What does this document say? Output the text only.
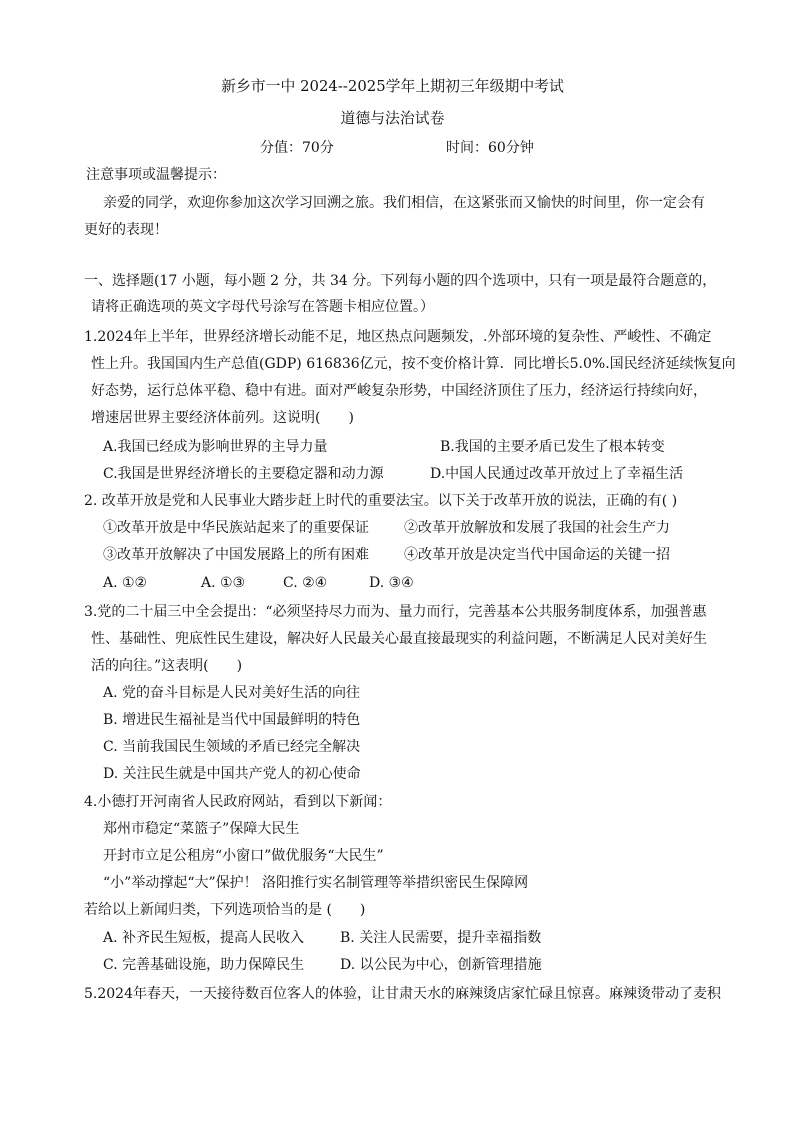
新乡市一中 2024--2025学年上期初三年级期中考试
道德与法治试卷
分值：70分	时间：60分钟
注意事项或温馨提示：
亲爱的同学，欢迎你参加这次学习回溯之旅。我们相信，在这紧张而又愉快的时间里，你一定会有
更好的表现！
一、选择题(17 小题，每小题 2 分，共 34 分。下列每小题的四个选项中，只有一项是最符合题意的，
请将正确选项的英文字母代号涂写在答题卡相应位置。）
1.2024年上半年，世界经济增长动能不足，地区热点问题频发，.外部环境的复杂性、严峻性、不确定
性上升。我国国内生产总值(GDP) 616836亿元，按不变价格计算．同比增长5.0%.国民经济延续恢复向
好态势，运行总体平稳、稳中有进。面对严峻复杂形势，中国经济顶住了压力，经济运行持续向好，
增速居世界主要经济体前列。这说明(　　)
A.我国已经成为影响世界的主导力量	B.我国的主要矛盾已发生了根本转变
C.我国是世界经济增长的主要稳定器和动力源	D.中国人民通过改革开放过上了幸福生活
2. 改革开放是党和人民事业大踏步赶上时代的重要法宝。以下关于改革开放的说法，正确的有( )
①改革开放是中华民族站起来了的重要保证	②改革开放解放和发展了我国的社会生产力
③改革开放解决了中国发展路上的所有困难	④改革开放是决定当代中国命运的关键一招
A. ①②	A. ①③	C. ②④	D. ③④
3.党的二十届三中全会提出：“必须坚持尽力而为、量力而行，完善基本公共服务制度体系，加强普惠
性、基础性、兜底性民生建设，解决好人民最关心最直接最现实的利益问题，不断满足人民对美好生
活的向往。”这表明(　　)
A. 党的奋斗目标是人民对美好生活的向往
B. 增进民生福祉是当代中国最鲜明的特色
C. 当前我国民生领域的矛盾已经完全解决
D. 关注民生就是中国共产党人的初心使命
4.小德打开河南省人民政府网站，看到以下新闻：
郑州市稳定“菜篮子”保障大民生
开封市立足公租房“小窗口”做优服务“大民生”
“小”举动撑起“大”保护！ 洛阳推行实名制管理等举措织密民生保障网
若给以上新闻归类，下列选项恰当的是 (　　)
A. 补齐民生短板，提高人民收入	B. 关注人民需要，提升幸福指数
C. 完善基础设施，助力保障民生	D. 以公民为中心，创新管理措施
5.2024年春天，一天接待数百位客人的体验，让甘肃天水的麻辣烫店家忙碌且惊喜。麻辣烫带动了麦积
